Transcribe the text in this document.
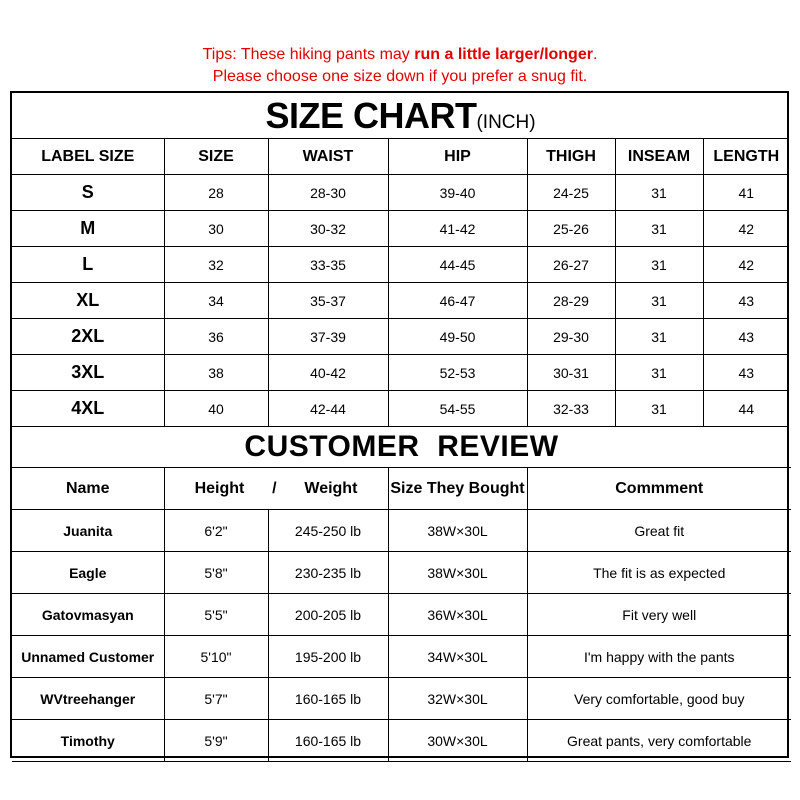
Tips: These hiking pants may run a little larger/longer.
Please choose one size down if you prefer a snug fit.
SIZE CHART(INCH)						
LABEL SIZE	SIZE	WAIST	HIP	THIGH	INSEAM	LENGTH
S	28	28-30	39-40	24-25	31	41
M	30	30-32	41-42	25-26	31	42
L	32	33-35	44-45	26-27	31	42
XL	34	35-37	46-47	28-29	31	43
2XL	36	37-39	49-50	29-30	31	43
3XL	38	40-42	52-53	30-31	31	43
4XL	40	42-44	54-55	32-33	31	44
CUSTOMER  REVIEW				
Name	Height / Weight		Size They Bought	Commment
Juanita	6'2"	245-250 lb	38W×30L	Great fit
Eagle	5'8"	230-235 lb	38W×30L	The fit is as expected
Gatovmasyan	5'5"	200-205 lb	36W×30L	Fit very well
Unnamed Customer	5'10"	195-200 lb	34W×30L	I'm happy with the pants
WVtreehanger	5'7"	160-165 lb	32W×30L	Very comfortable, good buy
Timothy	5'9"	160-165 lb	30W×30L	Great pants, very comfortable
